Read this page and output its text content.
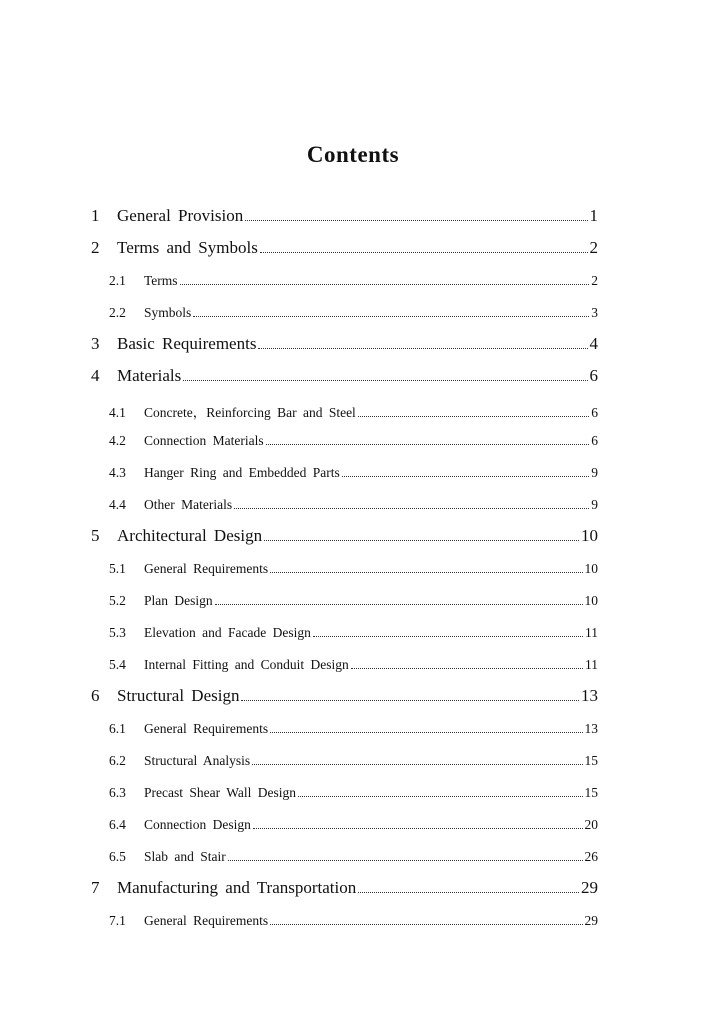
Contents
1	General Provision	1
2	Terms and Symbols	2
2.1	Terms	2
2.2	Symbols	3
3	Basic Requirements	4
4	Materials	6
4.1	Concrete，Reinforcing Bar and Steel	6
4.2	Connection Materials	6
4.3	Hanger Ring and Embedded Parts	9
4.4	Other Materials	9
5	Architectural Design	10
5.1	General Requirements	10
5.2	Plan Design	10
5.3	Elevation and Facade Design	11
5.4	Internal Fitting and Conduit Design	11
6	Structural Design	13
6.1	General Requirements	13
6.2	Structural Analysis	15
6.3	Precast Shear Wall Design	15
6.4	Connection Design	20
6.5	Slab and Stair	26
7	Manufacturing and Transportation	29
7.1	General Requirements	29
